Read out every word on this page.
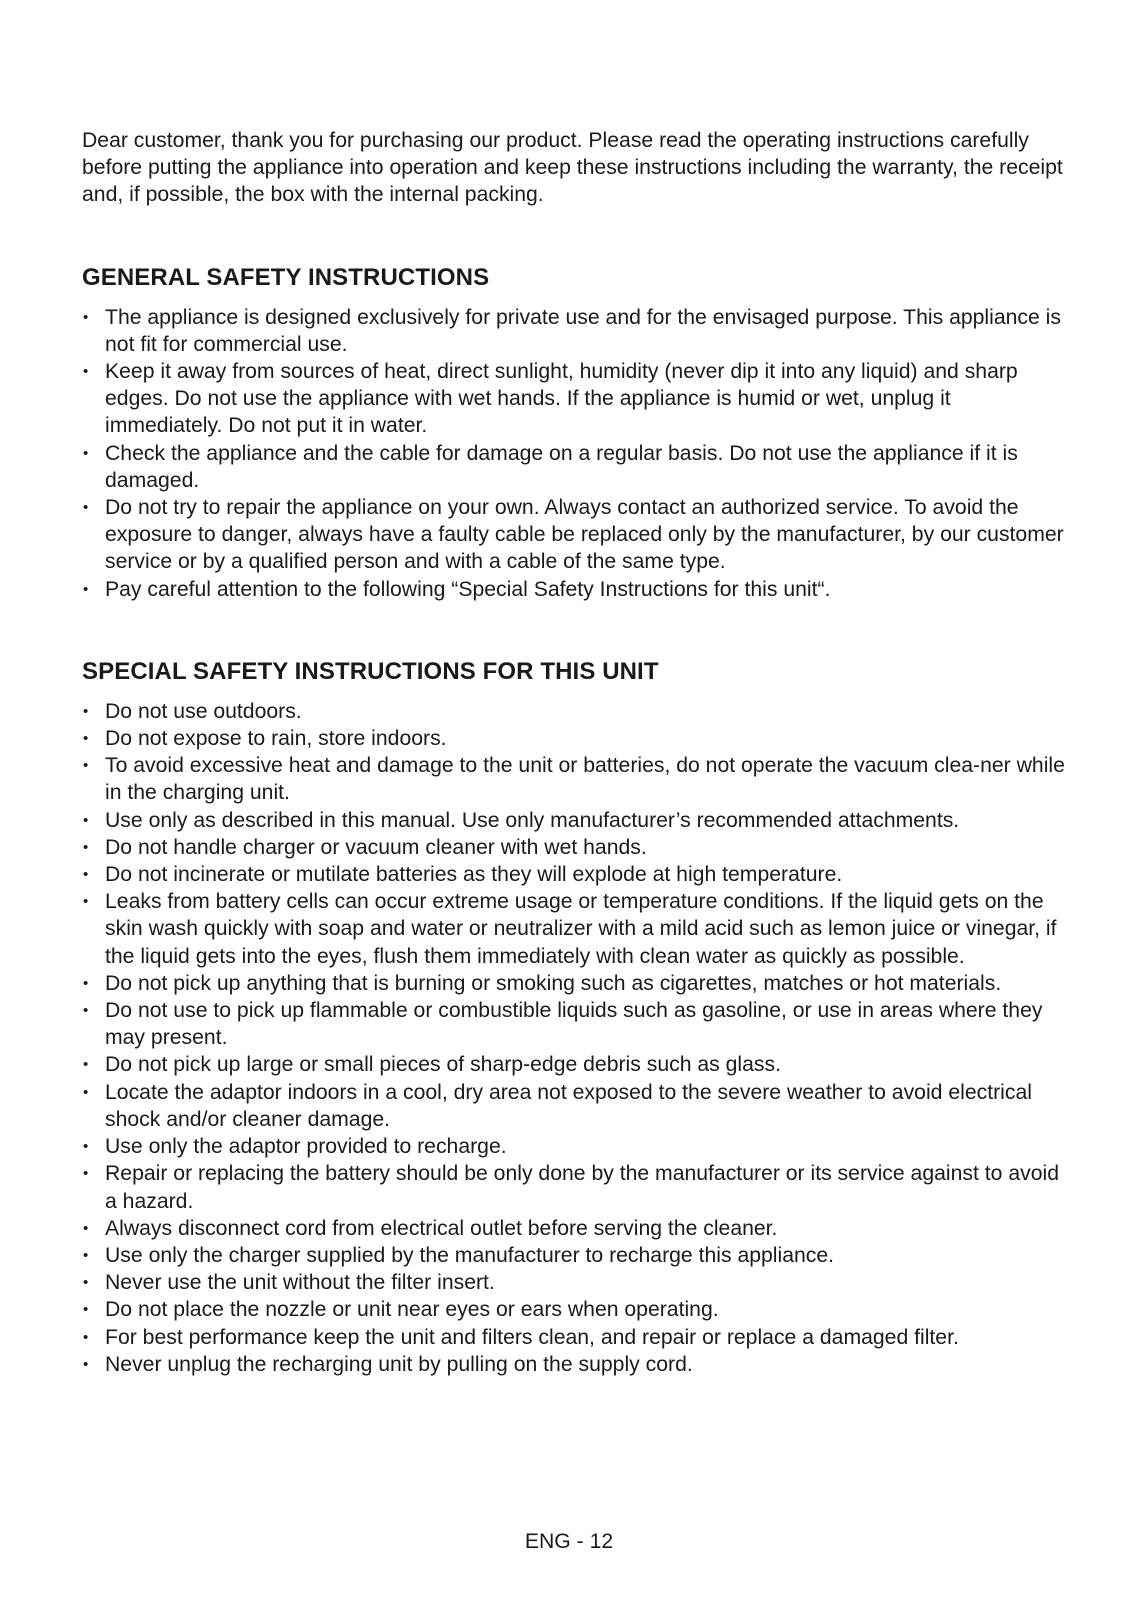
Dear customer, thank you for purchasing our product. Please read the operating instructions carefully before putting the appliance into operation and keep these instructions including the warranty, the receipt and, if possible, the box with the internal packing.

GENERAL SAFETY INSTRUCTIONS
• The appliance is designed exclusively for private use and for the envisaged purpose. This appliance is not fit for commercial use.
• Keep it away from sources of heat, direct sunlight, humidity (never dip it into any liquid) and sharp edges. Do not use the appliance with wet hands. If the appliance is humid or wet, unplug it immediately. Do not put it in water.
• Check the appliance and the cable for damage on a regular basis. Do not use the appliance if it is damaged.
• Do not try to repair the appliance on your own. Always contact an authorized service. To avoid the exposure to danger, always have a faulty cable be replaced only by the manufacturer, by our customer service or by a qualified person and with a cable of the same type.
• Pay careful attention to the following “Special Safety Instructions for this unit“.
SPECIAL SAFETY INSTRUCTIONS FOR THIS UNIT
• Do not use outdoors.
• Do not expose to rain, store indoors.
• To avoid excessive heat and damage to the unit or batteries, do not operate the vacuum clea-ner while in the charging unit.
• Use only as described in this manual. Use only manufacturer’s recommended attachments.
• Do not handle charger or vacuum cleaner with wet hands.
• Do not incinerate or mutilate batteries as they will explode at high temperature.
• Leaks from battery cells can occur extreme usage or temperature conditions. If the liquid gets on the skin wash quickly with soap and water or neutralizer with a mild acid such as lemon juice or vinegar, if the liquid gets into the eyes, flush them immediately with clean water as quickly as possible.
• Do not pick up anything that is burning or smoking such as cigarettes, matches or hot materials.
• Do not use to pick up flammable or combustible liquids such as gasoline, or use in areas where they may present.
• Do not pick up large or small pieces of sharp-edge debris such as glass.
• Locate the adaptor indoors in a cool, dry area not exposed to the severe weather to avoid electrical shock and/or cleaner damage.
• Use only the adaptor provided to recharge.
• Repair or replacing the battery should be only done by the manufacturer or its service against to avoid a hazard.
• Always disconnect cord from electrical outlet before serving the cleaner.
• Use only the charger supplied by the manufacturer to recharge this appliance.
• Never use the unit without the filter insert.
• Do not place the nozzle or unit near eyes or ears when operating.
• For best performance keep the unit and filters clean, and repair or replace a damaged filter.
• Never unplug the recharging unit by pulling on the supply cord.
ENG - 12
